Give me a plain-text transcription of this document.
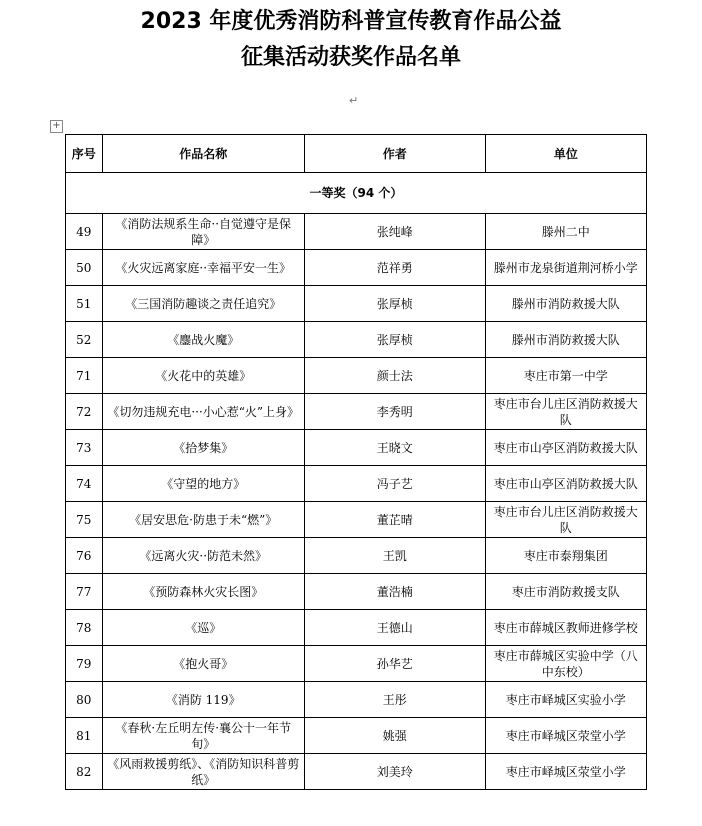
2023 年度优秀消防科普宣传教育作品公益
征集活动获奖作品名单
↵
+
序号	作品名称	作者	单位
一等奖（94 个）			
49	《消防法规系生命··自觉遵守是保障》	张纯峰	滕州二中
50	《火灾远离家庭··幸福平安一生》	范祥勇	滕州市龙泉街道荆河桥小学
51	《三国消防趣谈之责任追究》	张厚桢	滕州市消防救援大队
52	《鏖战火魔》	张厚桢	滕州市消防救援大队
71	《火花中的英雄》	颜士法	枣庄市第一中学
72	《切勿违规充电···小心惹“火”上身》	李秀明	枣庄市台儿庄区消防救援大队
73	《拾梦集》	王晓文	枣庄市山亭区消防救援大队
74	《守望的地方》	冯子艺	枣庄市山亭区消防救援大队
75	《居安思危·防患于未“燃”》	董芷晴	枣庄市台儿庄区消防救援大队
76	《远离火灾··防范未然》	王凯	枣庄市泰翔集团
77	《预防森林火灾长图》	董浩楠	枣庄市消防救援支队
78	《巡》	王德山	枣庄市薛城区教师进修学校
79	《抱火哥》	孙华艺	枣庄市薛城区实验中学（八中东校）
80	《消防 119》	王彤	枣庄市峄城区实验小学
81	《春秋·左丘明左传·襄公十一年节旬》	姚强	枣庄市峄城区荥堂小学
82	《风雨救援剪纸》、《消防知识科普剪纸》	刘美玲	枣庄市峄城区荥堂小学
